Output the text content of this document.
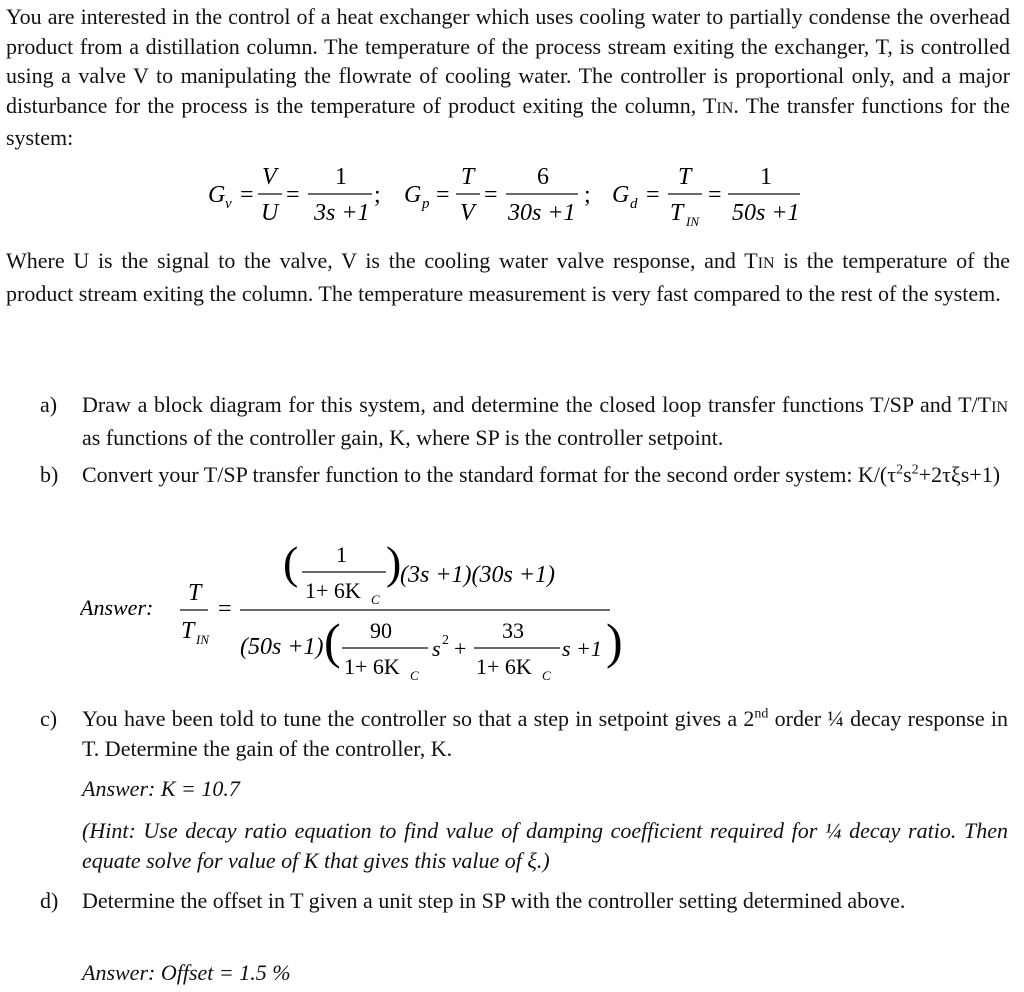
You are interested in the control of a heat exchanger which uses cooling water to partially condense the overhead product from a distillation column. The temperature of the process stream exiting the exchanger, T, is controlled using a valve V to manipulating the flowrate of cooling water. The controller is proportional only, and a major disturbance for the process is the temperature of product exiting the column, TIN. The transfer functions for the system:

G v =
V
U
=
1
3s +1
; G p =
T
V
=
6
30s +1
; G d =
T
T IN
=
1
50s +1

Where U is the signal to the valve, V is the cooling water valve response, and TIN is the temperature of the product stream exiting the column. The temperature measurement is very fast compared to the rest of the system.

a) Draw a block diagram for this system, and determine the closed loop transfer functions T/SP and T/TIN as functions of the controller gain, K, where SP is the controller setpoint.
b) Convert your T/SP transfer function to the standard format for the second order system: $K/(\tau^2s^2+2\tau\xi s+1)$
Answer:
T
T IN
=
( 1
1+ 6K C
)
(3s +1)(30s +1)
(50s +1) ( 90
1+ 6K C
s 2 +
33
1+ 6K C
s +1 )
c) You have been told to tune the controller so that a step in setpoint gives a 2nd order ¼ decay response in T. Determine the gain of the controller, K.
Answer: K = 10.7
(Hint: Use decay ratio equation to find value of damping coefficient required for ¼ decay ratio. Then equate solve for value of K that gives this value of ξ.)
d) Determine the offset in T given a unit step in SP with the controller setting determined above.
Answer: Offset = 1.5 %
